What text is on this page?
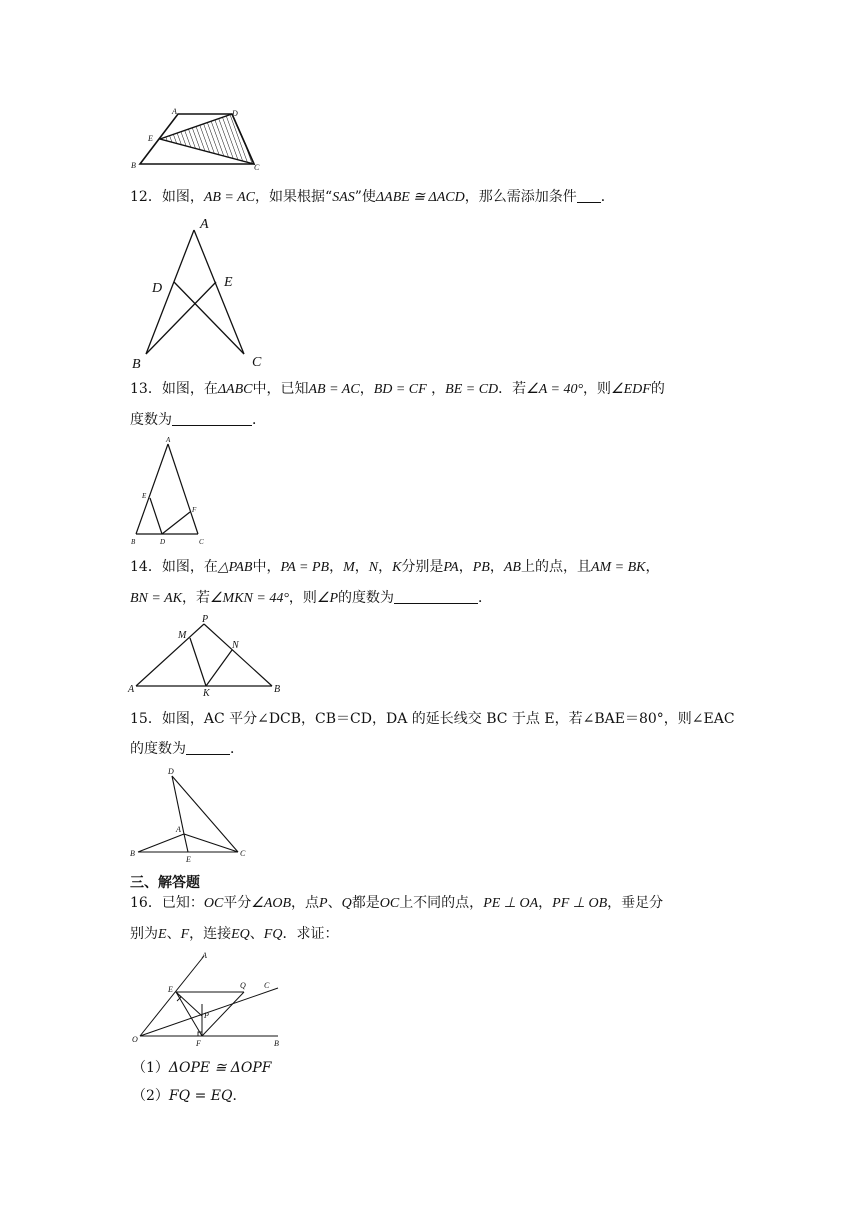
A	D
E
B	C
12．如图，AB = AC，如果根据“SAS”使ΔABE ≅ ΔACD，那么需添加条件 ．
A
D	E
B	C
13．如图，在ΔABC中，已知AB = AC，BD = CF ，BE = CD．若∠A = 40°，则∠EDF的
度数为	．
A
E
F
B	D	C
14．如图，在△PAB中，PA = PB，M，N，K分别是PA，PB，AB上的点，且AM = BK，
BN = AK，若∠MKN = 44°，则∠P的度数为	．
P
M
N
A	K	B
15．如图，AC 平分∠DCB，CB＝CD，DA 的延长线交 BC 于点 E，若∠BAE＝80°，则∠EAC
的度数为	．
D
A
B
E
C
三、解答题
16．已知：OC平分∠AOB，点P、Q都是OC上不同的点，PE ⊥ OA，PF ⊥ OB，垂足分
别为E、F，连接EQ、FQ．求证：
A
E	Q C
P
O	F	B
（1）ΔOPE ≅ ΔOPF
（2）FQ = EQ．
